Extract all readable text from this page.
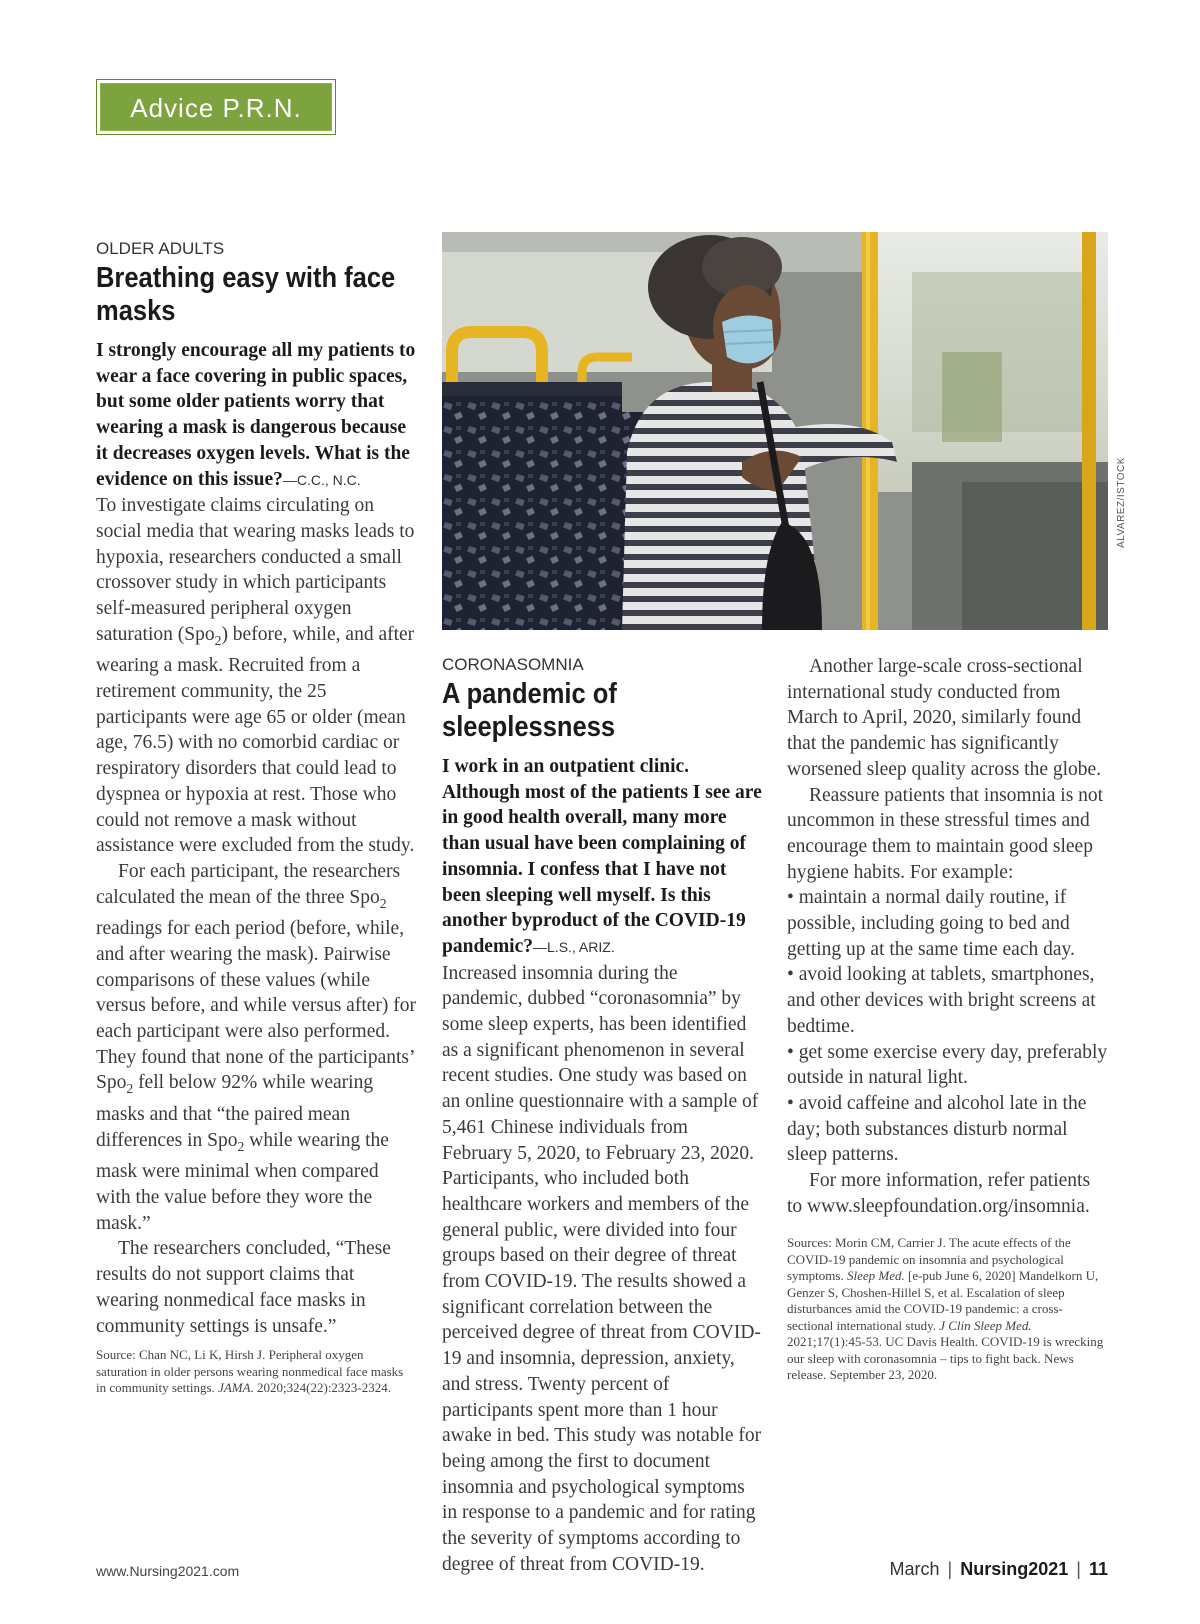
Advice P.R.N.

OLDER ADULTS

Breathing easy with face masks

I strongly encourage all my patients to wear a face covering in public spaces, but some older patients worry that wearing a mask is dangerous because it decreases oxygen levels. What is the evidence on this issue?—C.C., N.C.

To investigate claims circulating on social media that wearing masks leads to hypoxia, researchers conducted a small crossover study in which participants self-measured peripheral oxygen saturation (Spo$_2$) before, while, and after wearing a mask. Recruited from a retirement community, the 25 participants were age 65 or older (mean age, 76.5) with no comorbid cardiac or respiratory disorders that could lead to dyspnea or hypoxia at rest. Those who could not remove a mask without assistance were excluded from the study.

For each participant, the researchers calculated the mean of the three Spo$_2$ readings for each period (before, while, and after wearing the mask). Pairwise comparisons of these values (while versus before, and while versus after) for each participant were also performed. They found that none of the participants’ Spo$_2$ fell below 92% while wearing masks and that “the paired mean differences in Spo$_2$ while wearing the mask were minimal when compared with the value before they wore the mask.”

The researchers concluded, “These results do not support claims that wearing nonmedical face masks in community settings is unsafe.”

Source: Chan NC, Li K, Hirsh J. Peripheral oxygen saturation in older persons wearing nonmedical face masks in community settings. JAMA. 2020;324(22):2323-2324.

ALVAREZ/ISTOCK

CORONASOMNIA

A pandemic of sleeplessness

I work in an outpatient clinic. Although most of the patients I see are in good health overall, many more than usual have been complaining of insomnia. I confess that I have not been sleeping well myself. Is this another byproduct of the COVID-19 pandemic?—L.S., ARIZ.

Increased insomnia during the pandemic, dubbed “coronasomnia” by some sleep experts, has been identified as a significant phenomenon in several recent studies. One study was based on an online questionnaire with a sample of 5,461 Chinese individuals from February 5, 2020, to February 23, 2020. Participants, who included both healthcare workers and members of the general public, were divided into four groups based on their degree of threat from COVID-19. The results showed a significant correlation between the perceived degree of threat from COVID-19 and insomnia, depression, anxiety, and stress. Twenty percent of participants spent more than 1 hour awake in bed. This study was notable for being among the first to document insomnia and psychological symptoms in response to a pandemic and for rating the severity of symptoms according to degree of threat from COVID-19.

Another large-scale cross-sectional international study conducted from March to April, 2020, similarly found that the pandemic has significantly worsened sleep quality across the globe.

Reassure patients that insomnia is not uncommon in these stressful times and encourage them to maintain good sleep hygiene habits. For example:

• maintain a normal daily routine, if possible, including going to bed and getting up at the same time each day.

• avoid looking at tablets, smartphones, and other devices with bright screens at bedtime.

• get some exercise every day, preferably outside in natural light.

• avoid caffeine and alcohol late in the day; both substances disturb normal sleep patterns.

For more information, refer patients to www.sleepfoundation.org/insomnia.

Sources: Morin CM, Carrier J. The acute effects of the COVID-19 pandemic on insomnia and psychological symptoms. Sleep Med. [e-pub June 6, 2020] Mandelkorn U, Genzer S, Choshen-Hillel S, et al. Escalation of sleep disturbances amid the COVID-19 pandemic: a cross-sectional international study. J Clin Sleep Med. 2021;17(1):45-53. UC Davis Health. COVID-19 is wrecking our sleep with coronasomnia – tips to fight back. News release. September 23, 2020.

www.Nursing2021.com	March | Nursing2021 | 11
